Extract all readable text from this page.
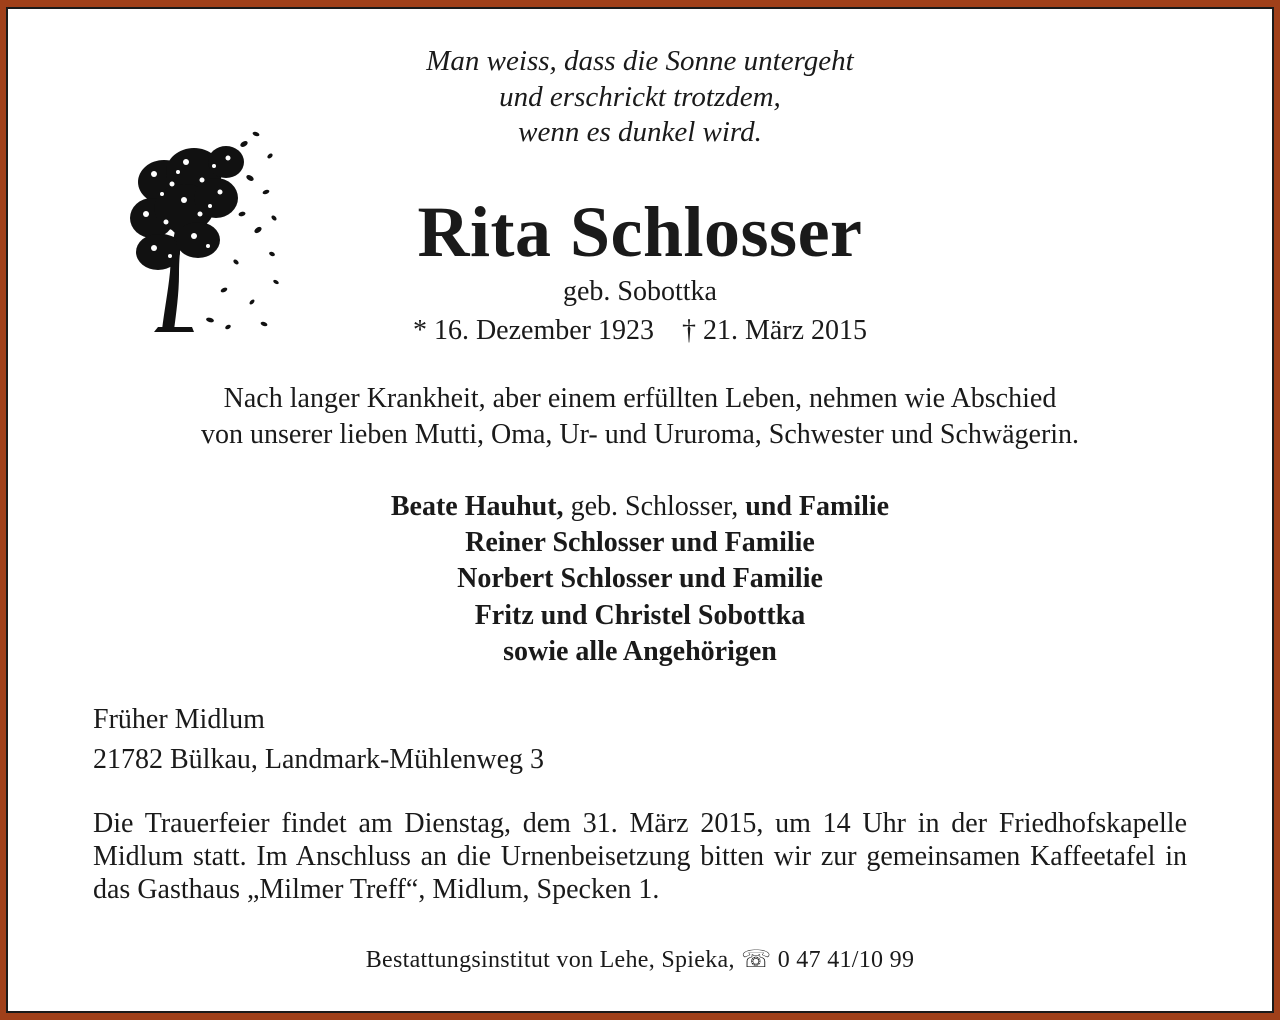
Man weiss, dass die Sonne untergeht
und erschrickt trotzdem,
wenn es dunkel wird.
Rita Schlosser
geb. Sobottka
* 16. Dezember 1923 † 21. März 2015
Nach langer Krankheit, aber einem erfüllten Leben, nehmen wie Abschied
von unserer lieben Mutti, Oma, Ur- und Ururoma, Schwester und Schwägerin.
Beate Hauhut, geb. Schlosser, und Familie
Reiner Schlosser und Familie
Norbert Schlosser und Familie
Fritz und Christel Sobottka
sowie alle Angehörigen
Früher Midlum
21782 Bülkau, Landmark-Mühlenweg 3

Die Trauerfeier findet am Dienstag, dem 31. März 2015, um 14 Uhr in der Friedhofskapelle Midlum statt. Im Anschluss an die Urnenbeisetzung bitten wir zur gemeinsamen Kaffeetafel in das Gasthaus „Milmer Treff“, Midlum, Specken 1.

Bestattungsinstitut von Lehe, Spieka, ☏ 0 47 41/10 99
